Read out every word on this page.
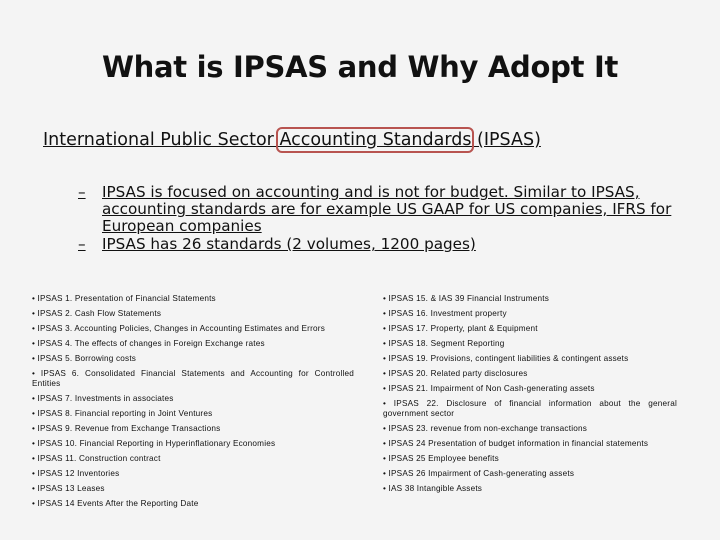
What is IPSAS and Why Adopt It
International Public Sector Accounting Standards (IPSAS)
–	IPSAS is focused on accounting and is not for budget. Similar to IPSAS, accounting standards are for example US GAAP for US companies, IFRS for European companies
–	IPSAS has 26 standards (2 volumes, 1200 pages)
• IPSAS 1. Presentation of Financial Statements
• IPSAS 2. Cash Flow Statements
• IPSAS 3. Accounting Policies, Changes in Accounting Estimates and Errors
• IPSAS 4. The effects of changes in Foreign Exchange rates
• IPSAS 5. Borrowing costs
• IPSAS 6. Consolidated Financial Statements and Accounting for Controlled Entities
• IPSAS 7. Investments in associates
• IPSAS 8. Financial reporting in Joint Ventures
• IPSAS 9. Revenue from Exchange Transactions
• IPSAS 10. Financial Reporting in Hyperinflationary Economies
• IPSAS 11. Construction contract
• IPSAS 12 Inventories
• IPSAS 13 Leases
• IPSAS 14 Events After the Reporting Date
• IPSAS 15. & IAS 39 Financial Instruments
• IPSAS 16. Investment property
• IPSAS 17. Property, plant & Equipment
• IPSAS 18. Segment Reporting
• IPSAS 19. Provisions, contingent liabilities & contingent assets
• IPSAS 20. Related party disclosures
• IPSAS 21. Impairment of Non Cash-generating assets
• IPSAS 22. Disclosure of financial information about the general government sector
• IPSAS 23. revenue from non-exchange transactions
• IPSAS 24 Presentation of budget information in financial statements
• IPSAS 25 Employee benefits
• IPSAS 26 Impairment of Cash-generating assets
• IAS 38 Intangible Assets
